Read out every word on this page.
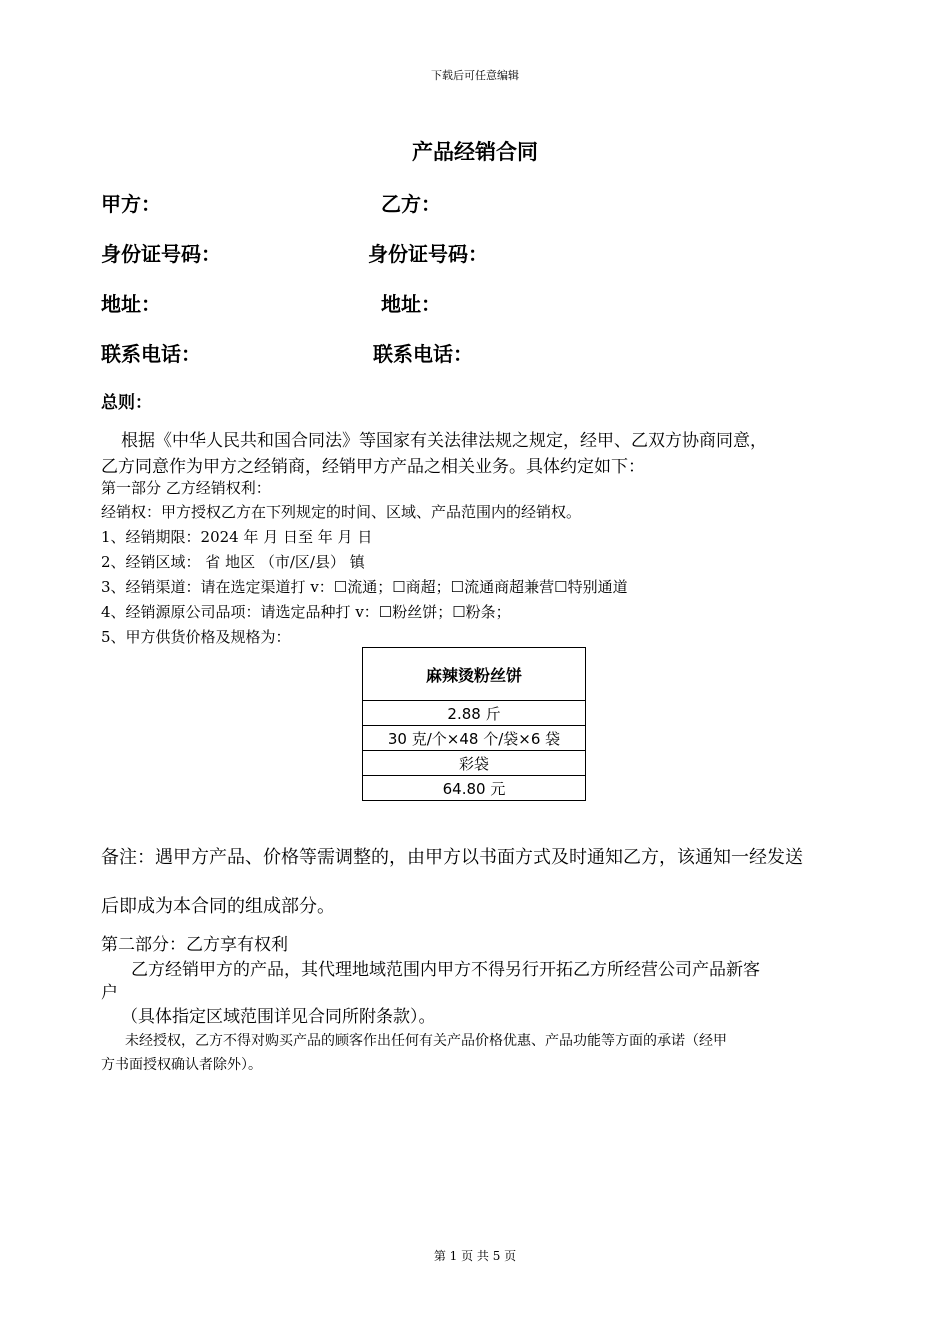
下载后可任意编辑
产品经销合同
甲方：	乙方：
身份证号码：	身份证号码：
地址：	地址：
联系电话：	联系电话：
总则：
根据《中华人民共和国合同法》等国家有关法律法规之规定，经甲、乙双方协商同意，
乙方同意作为甲方之经销商，经销甲方产品之相关业务。具体约定如下：
第一部分 乙方经销权利：
经销权：甲方授权乙方在下列规定的时间、区域、产品范围内的经销权。
1、经销期限：2024 年 月 日至 年 月 日
2、经销区域： 省 地区 （市/区/县） 镇
3、经销渠道：请在选定渠道打 v：☐流通；☐商超；☐流通商超兼营☐特别通道
4、经销源原公司品项：请选定品种打 v：☐粉丝饼；☐粉条；
5、甲方供货价格及规格为：
麻辣烫粉丝饼
2.88 斤
30 克/个×48 个/袋×6 袋
彩袋
64.80 元
备注：遇甲方产品、价格等需调整的，由甲方以书面方式及时通知乙方，该通知一经发送
后即成为本合同的组成部分。
第二部分：乙方享有权利
乙方经销甲方的产品，其代理地域范围内甲方不得另行开拓乙方所经营公司产品新客
户
（具体指定区域范围详见合同所附条款）。
未经授权，乙方不得对购买产品的顾客作出任何有关产品价格优惠、产品功能等方面的承诺（经甲
方书面授权确认者除外）。
第 1 页 共 5 页
